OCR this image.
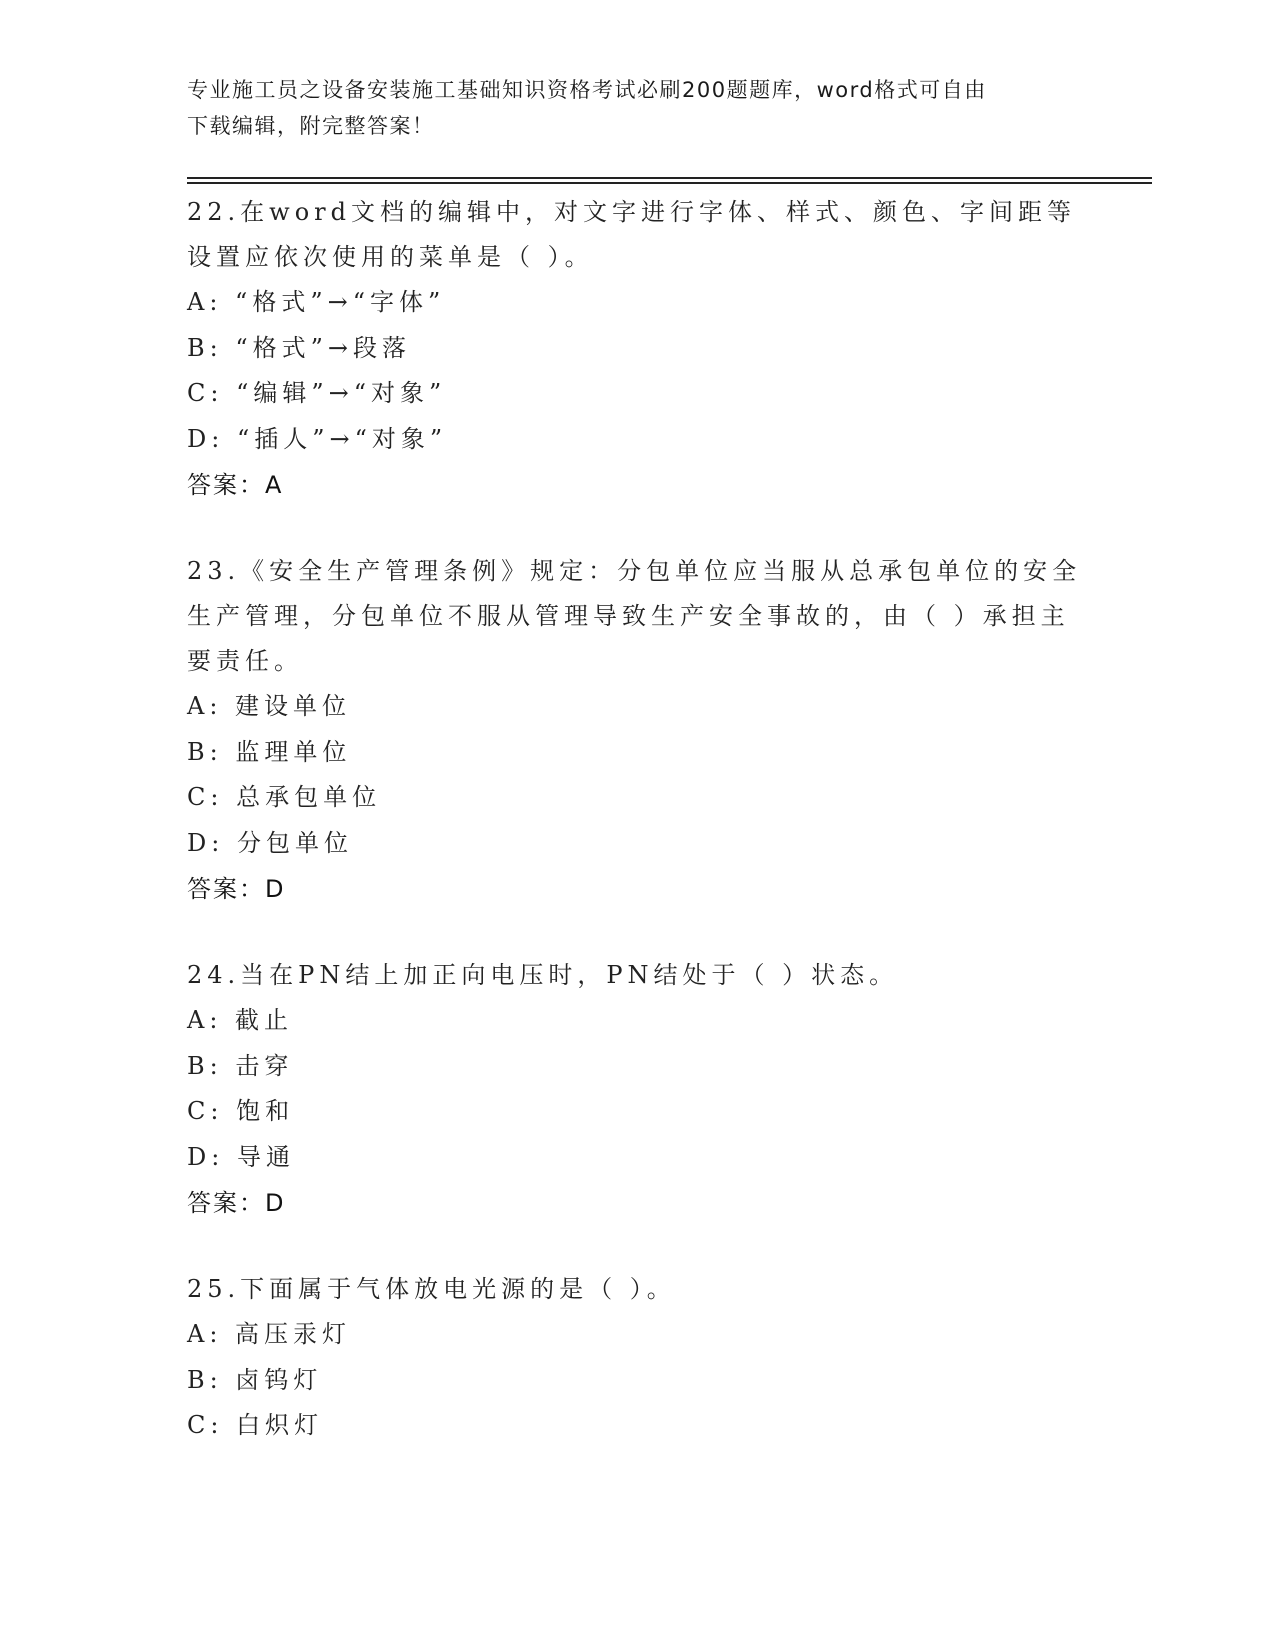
专业施工员之设备安装施工基础知识资格考试必刷200题题库，word格式可自由
下载编辑，附完整答案！
22.在word文档的编辑中，对文字进行字体、样式、颜色、字间距等
设置应依次使用的菜单是（ ）。
A: “格式”→“字体”
B: “格式”→段落
C: “编辑”→“对象”
D: “插人”→“对象”
答案：A
23.《安全生产管理条例》规定：分包单位应当服从总承包单位的安全
生产管理，分包单位不服从管理导致生产安全事故的，由（ ）承担主
要责任。
A: 建设单位
B: 监理单位
C: 总承包单位
D: 分包单位
答案：D
24.当在PN结上加正向电压时，PN结处于（ ）状态。
A: 截止
B: 击穿
C: 饱和
D: 导通
答案：D
25.下面属于气体放电光源的是（ ）。
A: 高压汞灯
B: 卤钨灯
C: 白炽灯
